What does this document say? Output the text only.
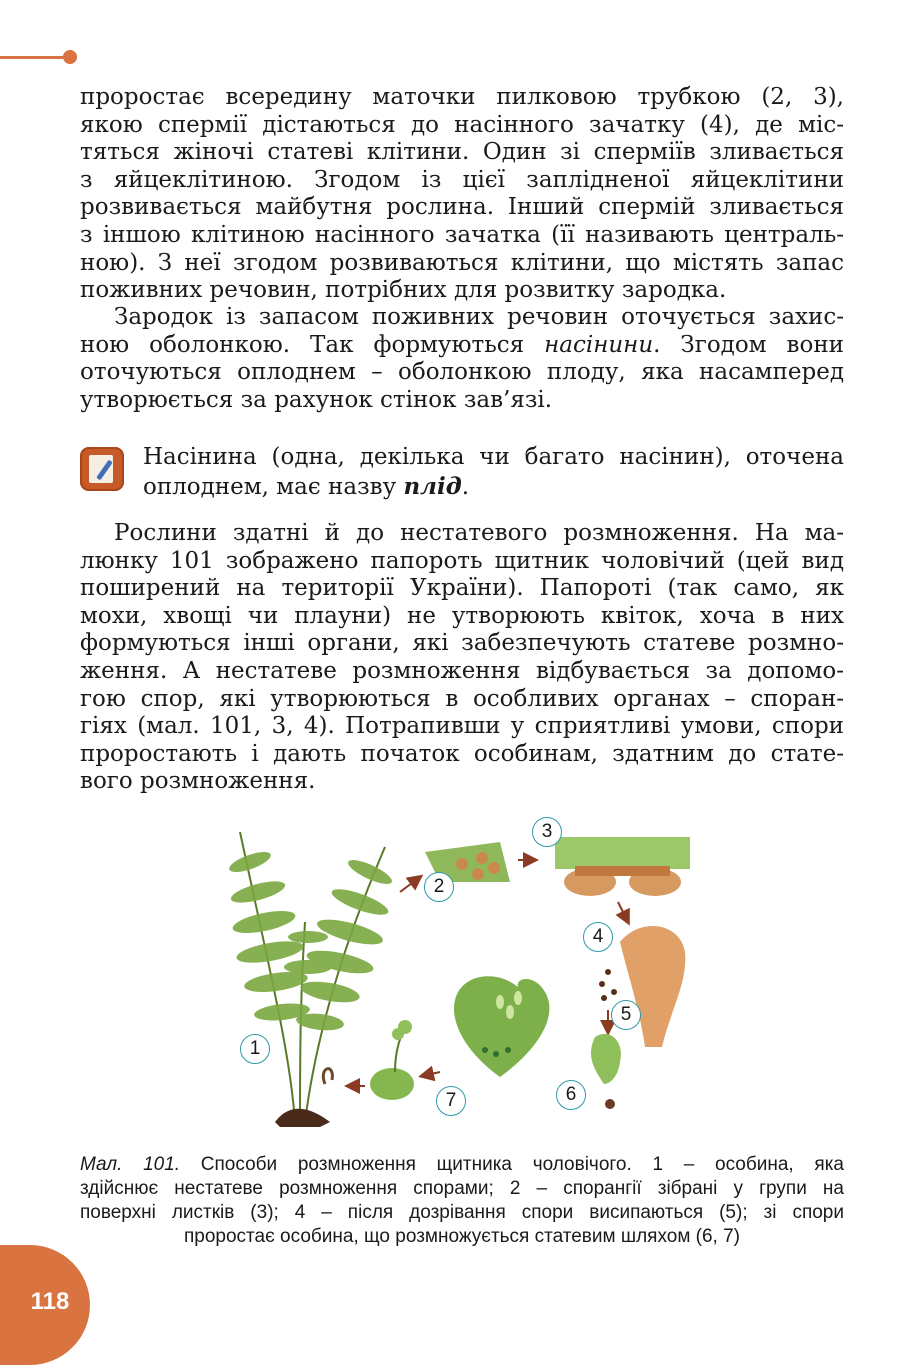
проростає всередину маточки пилковою трубкою (2, 3),
якою спермії дістаються до насінного зачатку (4), де міс-
тяться жіночі статеві клітини. Один зі сперміїв зливається
з яйцеклітиною. Згодом із цієї заплідненої яйцеклітини
розвивається майбутня рослина. Інший спермій зливається
з іншою клітиною насінного зачатка (її називають централь-
ною). З неї згодом розвиваються клітини, що містять запас
поживних речовин, потрібних для розвитку зародка.
Зародок із запасом поживних речовин оточується захис-
ною оболонкою. Так формуються насінини. Згодом вони
оточуються оплоднем – оболонкою плоду, яка насамперед
утворюється за рахунок стінок зав’язі.
Насінина (одна, декілька чи багато насінин), оточена
оплоднем, має назву плід.
Рослини здатні й до нестатевого розмноження. На ма-
люнку 101 зображено папороть щитник чоловічий (цей вид
поширений на території України). Папороті (так само, як
мохи, хвощі чи плауни) не утворюють квіток, хоча в них
формуються інші органи, які забезпечують статеве розмно-
ження. А нестатеве розмноження відбувається за допомо-
гою спор, які утворюються в особливих органах – споран-
гіях (мал. 101, 3, 4). Потрапивши у сприятливі умови, спори
проростають і дають початок особинам, здатним до стате-
вого розмноження.
1
2
3
4
5
6
7
Мал. 101. Способи розмноження щитника чоловічого. 1 – особина, яка
здійснює нестатеве розмноження спорами; 2 – спорангії зібрані у групи на
поверхні листків (3); 4 – після дозрівання спори висипаються (5); зі спори
проростає особина, що розмножується статевим шляхом (6, 7)
118
